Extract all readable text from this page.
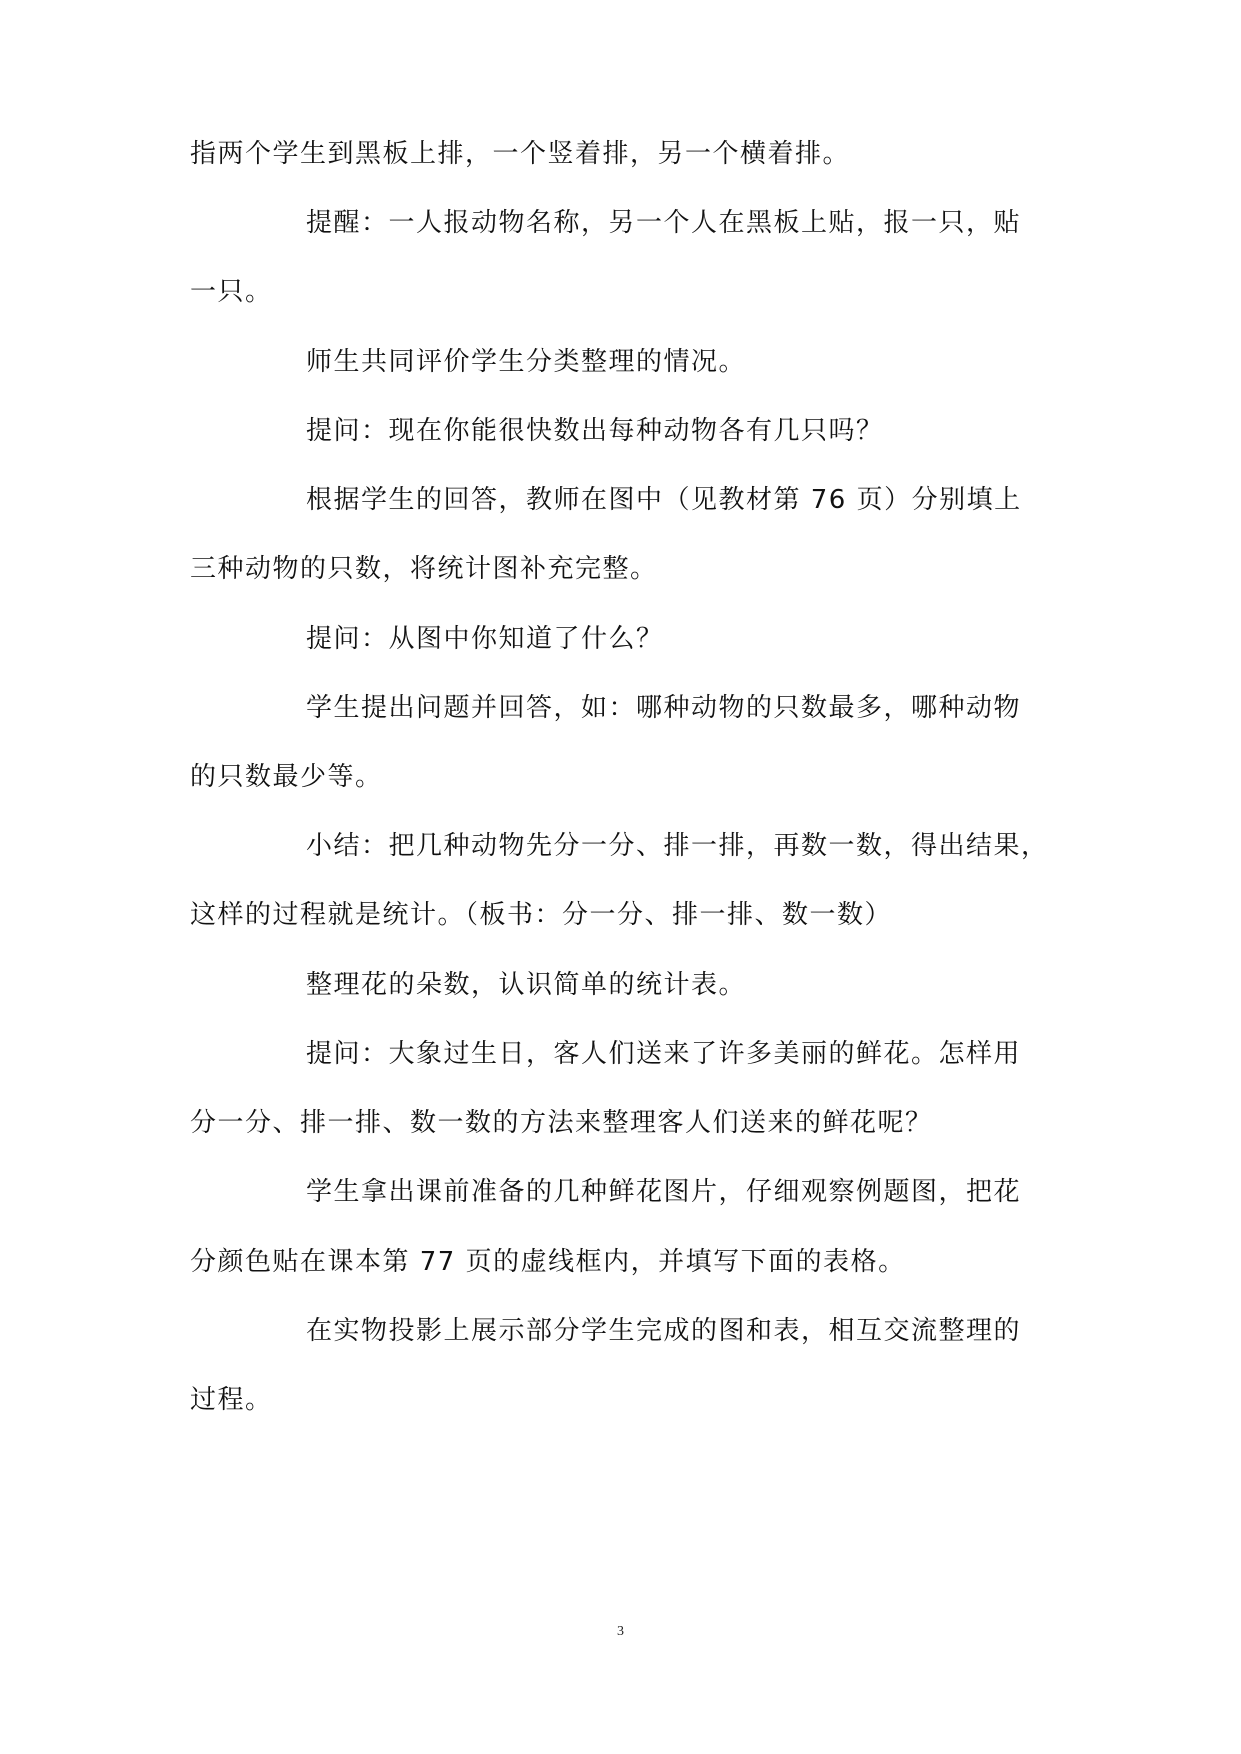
指两个学生到黑板上排，一个竖着排，另一个横着排。
提醒：一人报动物名称，另一个人在黑板上贴，报一只，贴
一只。
师生共同评价学生分类整理的情况。
提问：现在你能很快数出每种动物各有几只吗？
根据学生的回答，教师在图中（见教材第 76 页）分别填上
三种动物的只数，将统计图补充完整。
提问：从图中你知道了什么？
学生提出问题并回答，如：哪种动物的只数最多，哪种动物
的只数最少等。
小结：把几种动物先分一分、排一排，再数一数，得出结果，
这样的过程就是统计。（板书：分一分、排一排、数一数）
整理花的朵数，认识简单的统计表。
提问：大象过生日，客人们送来了许多美丽的鲜花。怎样用
分一分、排一排、数一数的方法来整理客人们送来的鲜花呢？
学生拿出课前准备的几种鲜花图片，仔细观察例题图，把花
分颜色贴在课本第 77 页的虚线框内，并填写下面的表格。
在实物投影上展示部分学生完成的图和表，相互交流整理的
过程。
3
